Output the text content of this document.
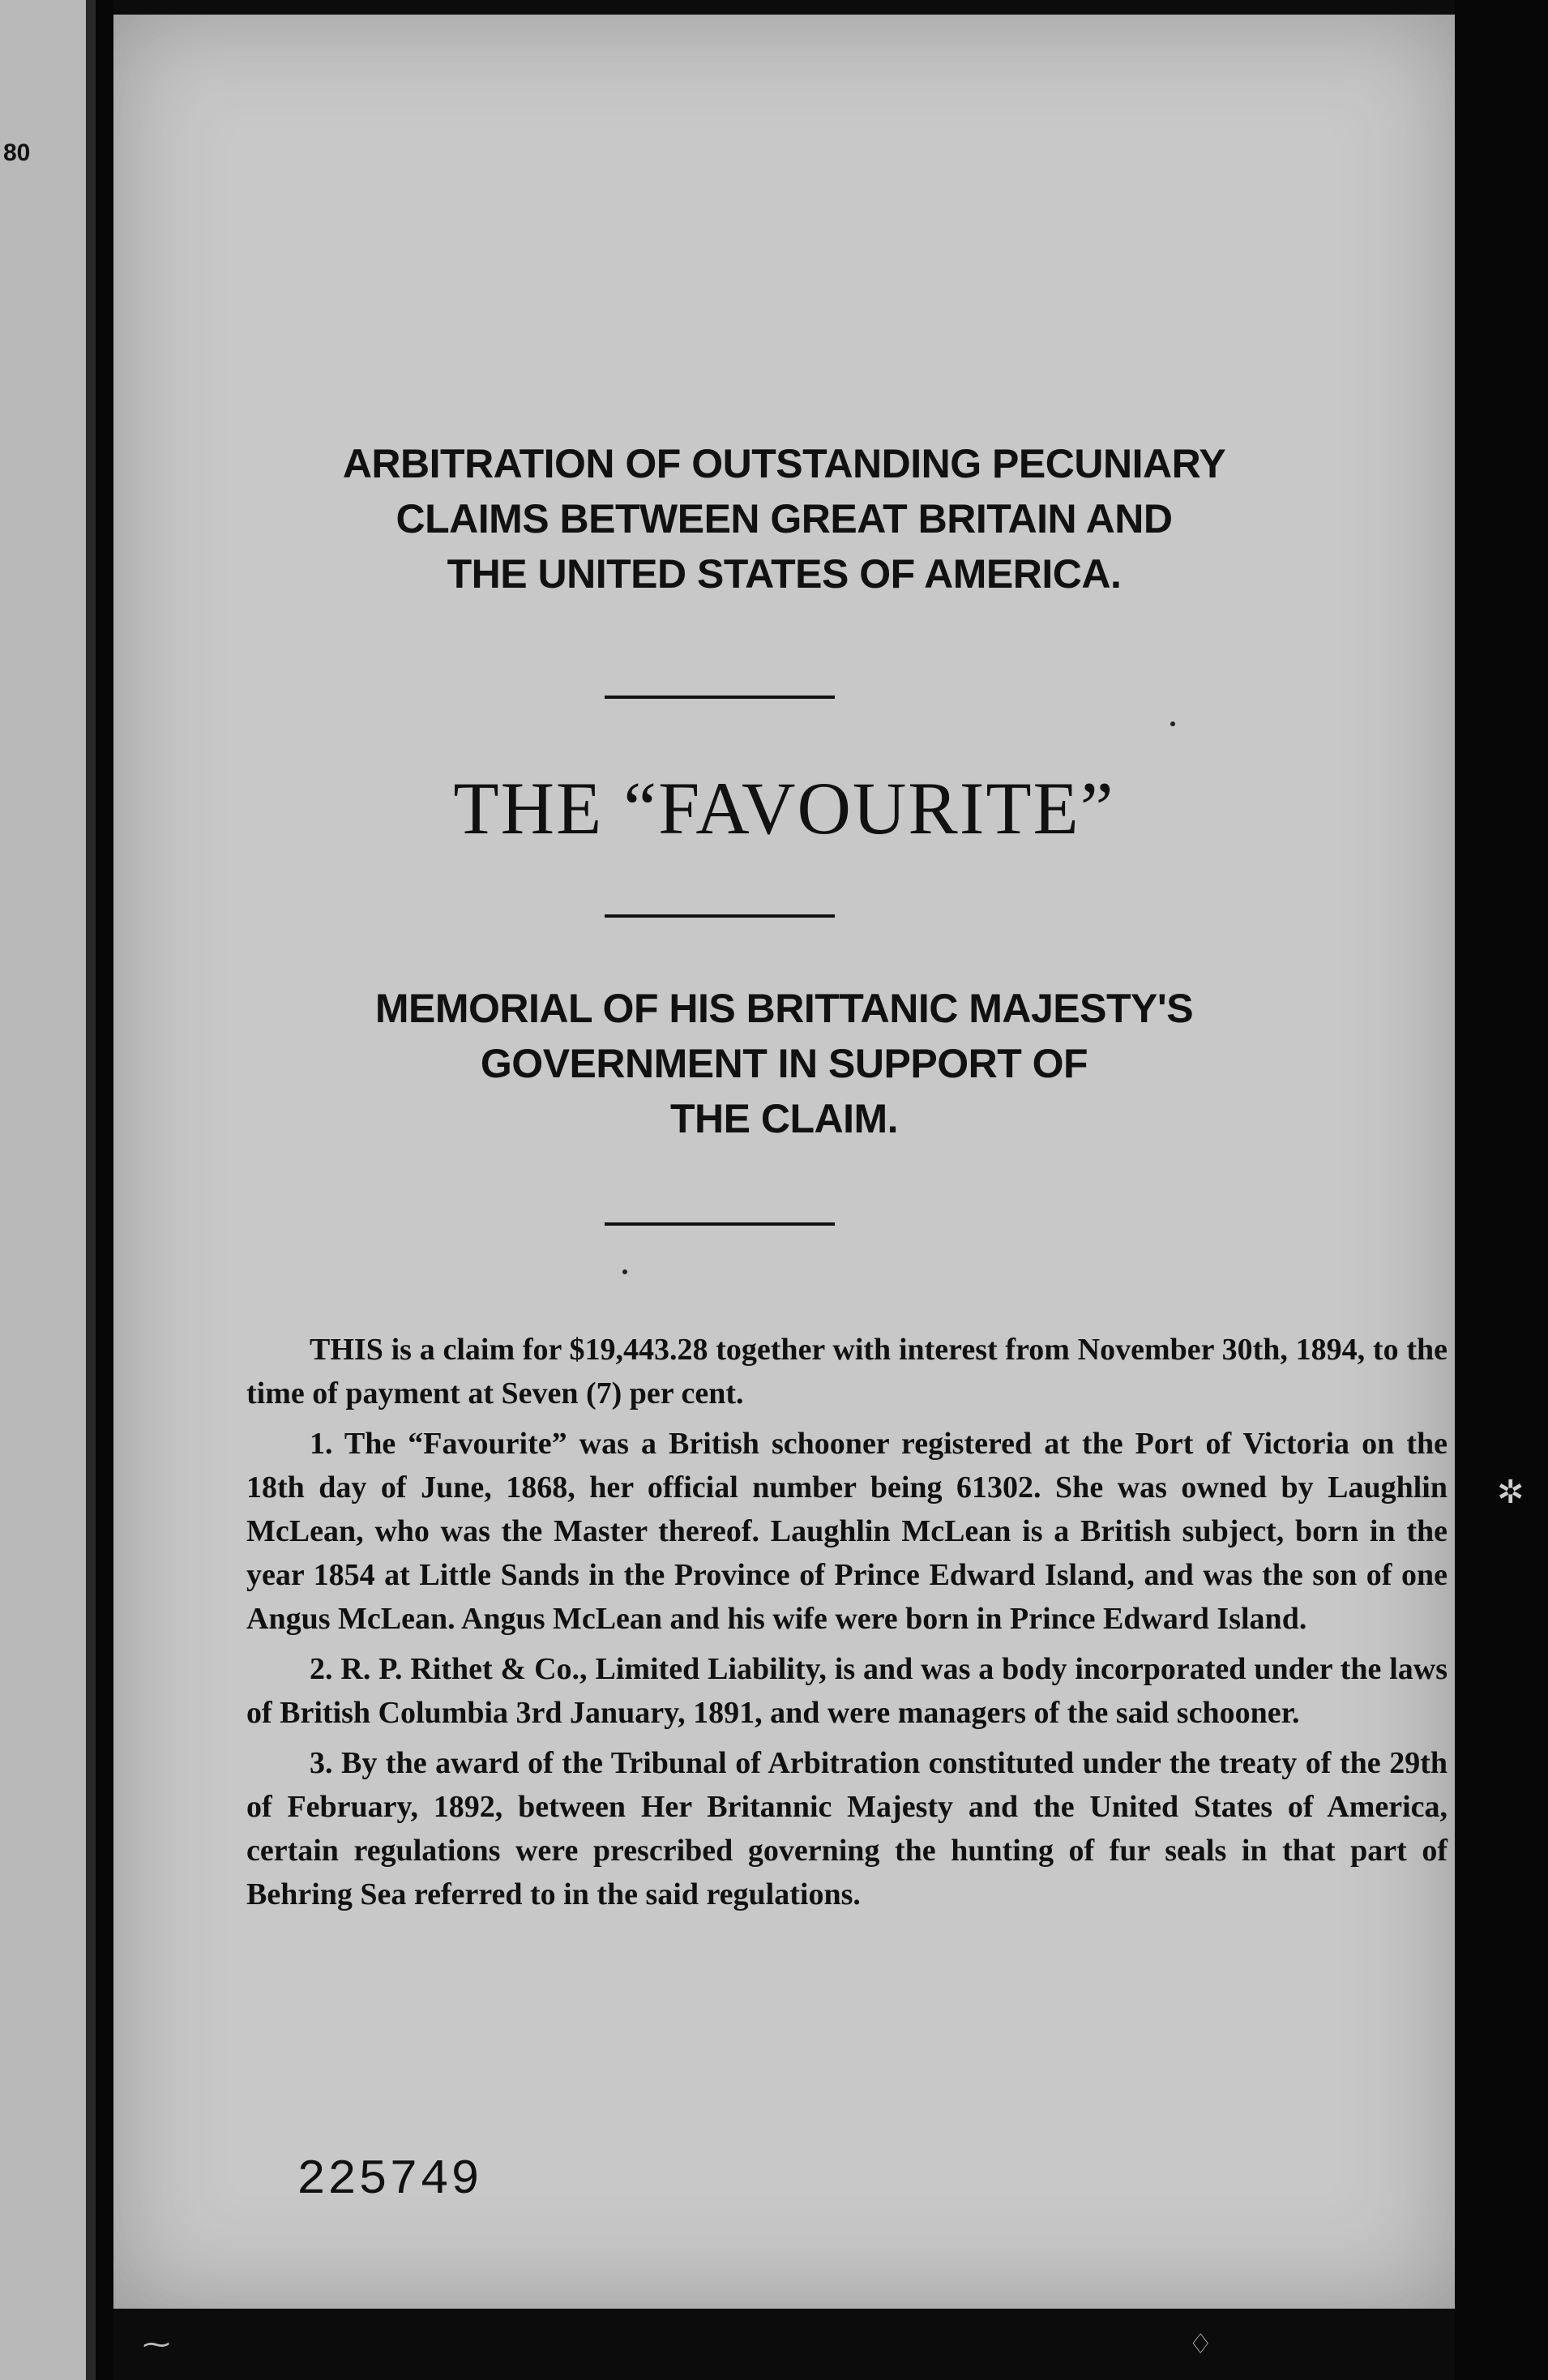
80

ARBITRATION OF OUTSTANDING PECUNIARY

CLAIMS BETWEEN GREAT BRITAIN AND

THE UNITED STATES OF AMERICA.

THE “FAVOURITE”

MEMORIAL OF HIS BRITTANIC MAJESTY'S

GOVERNMENT IN SUPPORT OF

THE CLAIM.

THIS is a claim for $19,443.28 together with interest from November 30th, 1894, to the time of payment at Seven (7) per cent.

1. The “Favourite” was a British schooner registered at the Port of Victoria on the 18th day of June, 1868, her official number being 61302. She was owned by Laughlin McLean, who was the Master thereof. Laughlin McLean is a British subject, born in the year 1854 at Little Sands in the Province of Prince Edward Island, and was the son of one Angus McLean. Angus McLean and his wife were born in Prince Edward Island.

2. R. P. Rithet & Co., Limited Liability, is and was a body incorporated under the laws of British Columbia 3rd January, 1891, and were managers of the said schooner.

3. By the award of the Tribunal of Arbitration constituted under the treaty of the 29th of February, 1892, between Her Britannic Majesty and the United States of America, certain regulations were prescribed governing the hunting of fur seals in that part of Behring Sea referred to in the said regulations.

225749
✲
⁓	♢
